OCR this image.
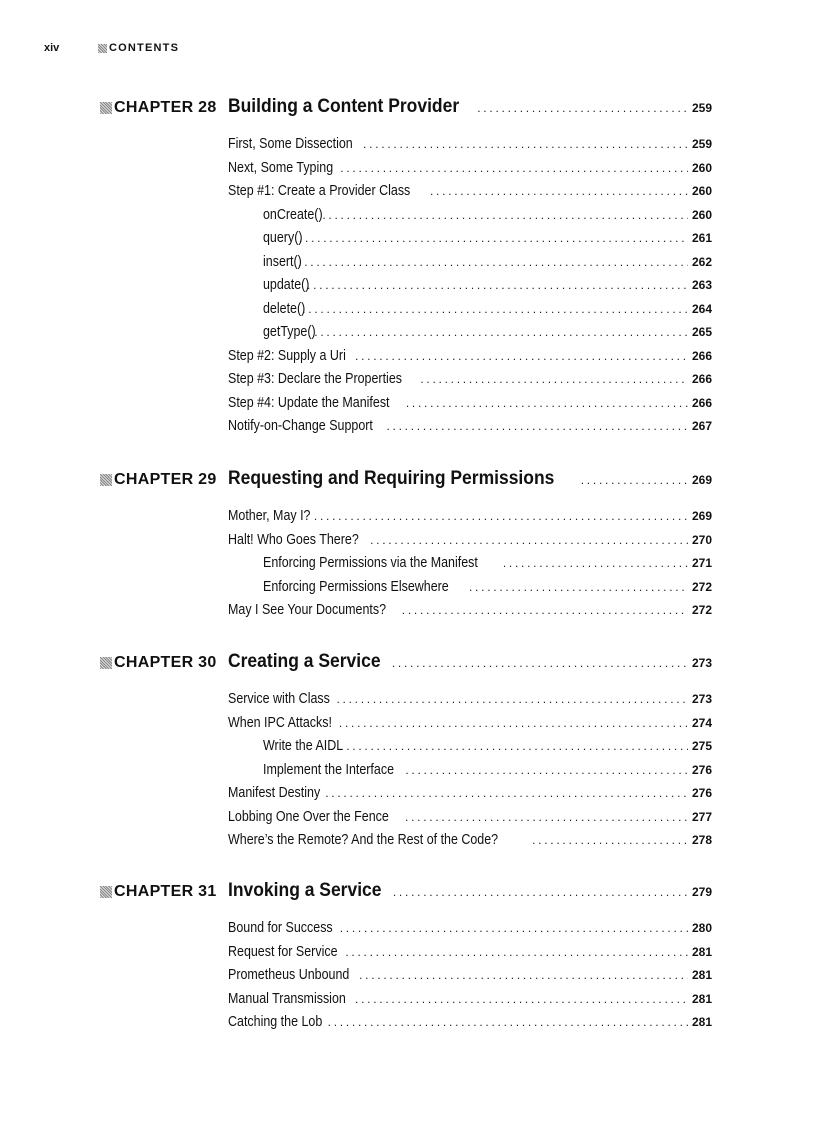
xiv	CONTENTS
CHAPTER 28 Building a Content Provider . . .	259
First, Some Dissection . . .	259
Next, Some Typing . . .	260
Step #1: Create a Provider Class . . .	260
onCreate() . . .	260
query() . . .	261
insert() . . .	262
update() . . .	263
delete() . . .	264
getType() . . .	265
Step #2: Supply a Uri . . .	266
Step #3: Declare the Properties . . .	266
Step #4: Update the Manifest . . .	266
Notify-on-Change Support . . .	267
CHAPTER 29 Requesting and Requiring Permissions . . .	269
Mother, May I? . . .	269
Halt! Who Goes There? . . .	270
Enforcing Permissions via the Manifest . . .	271
Enforcing Permissions Elsewhere . . .	272
May I See Your Documents? . . .	272
CHAPTER 30 Creating a Service . . .	273
Service with Class . . .	273
When IPC Attacks! . . .	274
Write the AIDL . . .	275
Implement the Interface . . .	276
Manifest Destiny . . .	276
Lobbing One Over the Fence . . .	277
Where’s the Remote? And the Rest of the Code? . . .	278
CHAPTER 31 Invoking a Service . . .	279
Bound for Success . . .	280
Request for Service . . .	281
Prometheus Unbound . . .	281
Manual Transmission . . .	281
Catching the Lob . . .	281
